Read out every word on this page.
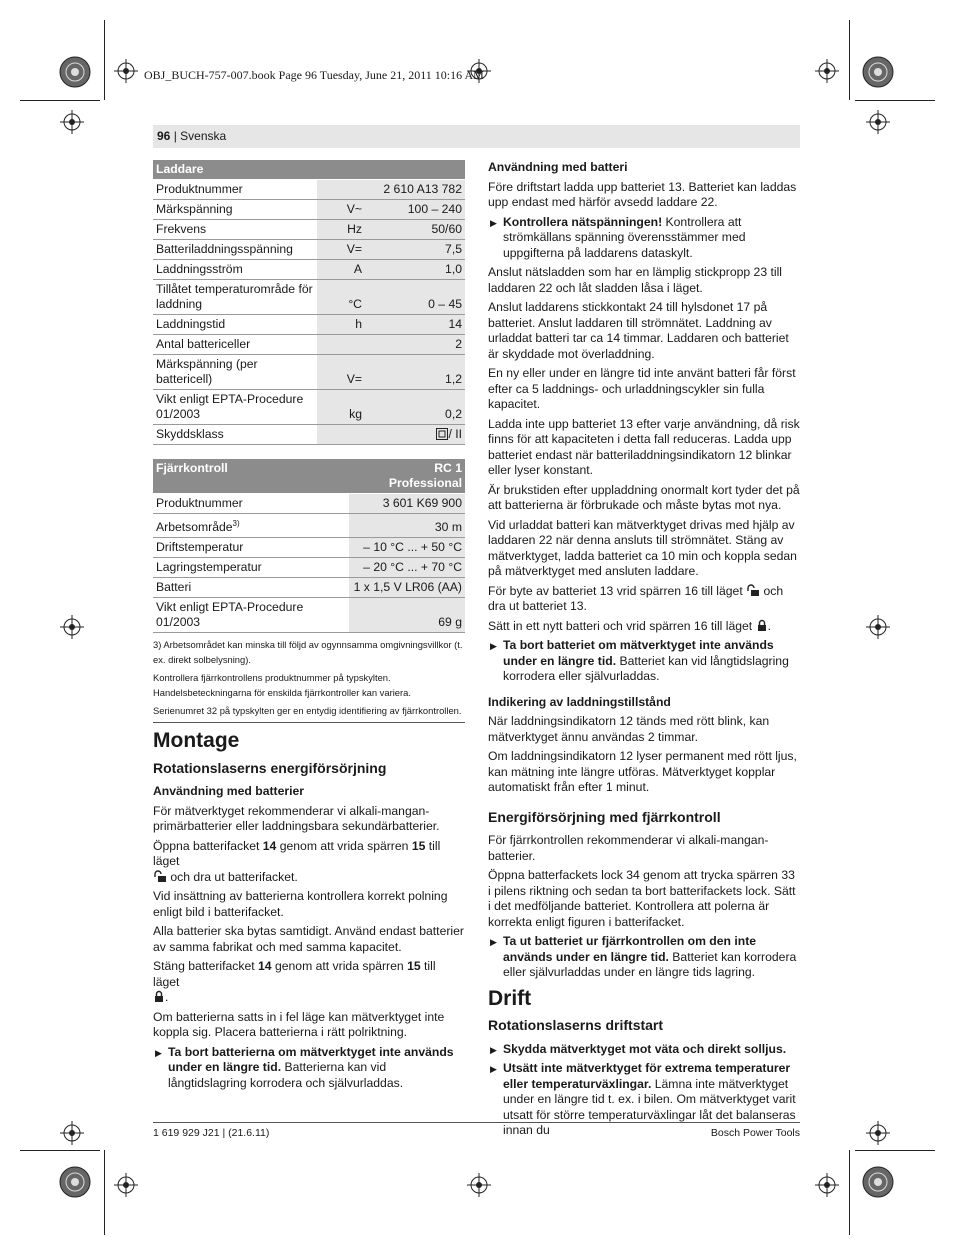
OBJ_BUCH-757-007.book Page 96 Tuesday, June 21, 2011 10:16 AM
96 | Svenska
Laddare		
Produktnummer		2 610 A13 782
Märkspänning	V~	100 – 240
Frekvens	Hz	50/60
Batteriladdningsspänning	V=	7,5
Laddningsström	A	1,0
Tillåtet temperaturområde för laddning	°C	0 – 45
Laddningstid	h	14
Antal battericeller		2
Märkspänning (per battericell)	V=	1,2
Vikt enligt EPTA-Procedure 01/2003	kg	0,2
Skyddsklass		/ II
Fjärrkontroll	RC 1
Professional

Produktnummer	3 601 K69 900
Arbetsområde$^{3)}$	30 m
Driftstemperatur	– 10 °C ... + 50 °C
Lagringstemperatur	– 20 °C ... + 70 °C
Batteri	1 x 1,5 V LR06 (AA)
Vikt enligt EPTA-Procedure 01/2003	69 g

3) Arbetsområdet kan minska till följd av ogynnsamma omgivningsvillkor (t. ex. direkt solbelysning).

Kontrollera fjärrkontrollens produktnummer på typskylten. Handelsbeteckningarna för enskilda fjärrkontroller kan variera.

Serienumret 32 på typskylten ger en entydig identifiering av fjärrkontrollen.

Montage
Rotationslaserns energiförsörjning
Användning med batterier

För mätverktyget rekommenderar vi alkali-mangan-primärbatterier eller laddningsbara sekundärbatterier.

Öppna batterifacket 14 genom att vrida spärren 15 till läget
och dra ut batterifacket.

Vid insättning av batterierna kontrollera korrekt polning enligt bild i batterifacket.

Alla batterier ska bytas samtidigt. Använd endast batterier av samma fabrikat och med samma kapacitet.

Stäng batterifacket 14 genom att vrida spärren 15 till läget
.

Om batterierna satts in i fel läge kan mätverktyget inte koppla sig. Placera batterierna i rätt polriktning.

▶ Ta bort batterierna om mätverktyget inte används under en längre tid. Batterierna kan vid långtidslagring korrodera och självurladdas.
Användning med batteri

Före driftstart ladda upp batteriet 13. Batteriet kan laddas upp endast med härför avsedd laddare 22.

▶ Kontrollera nätspänningen! Kontrollera att strömkällans spänning överensstämmer med uppgifterna på laddarens dataskylt.

Anslut nätsladden som har en lämplig stickpropp 23 till laddaren 22 och låt sladden låsa i läget.

Anslut laddarens stickkontakt 24 till hylsdonet 17 på batteriet. Anslut laddaren till strömnätet. Laddning av urladdat batteri tar ca 14 timmar. Laddaren och batteriet är skyddade mot överladdning.

En ny eller under en längre tid inte använt batteri får först efter ca 5 laddnings- och urladdningscykler sin fulla kapacitet.

Ladda inte upp batteriet 13 efter varje användning, då risk finns för att kapaciteten i detta fall reduceras. Ladda upp batteriet endast när batteriladdningsindikatorn 12 blinkar eller lyser konstant.

Är brukstiden efter uppladdning onormalt kort tyder det på att batterierna är förbrukade och måste bytas mot nya.

Vid urladdat batteri kan mätverktyget drivas med hjälp av laddaren 22 när denna ansluts till strömnätet. Stäng av mätverktyget, ladda batteriet ca 10 min och koppla sedan på mätverktyget med ansluten laddare.

För byte av batteriet 13 vrid spärren 16 till läget  och dra ut batteriet 13.

Sätt in ett nytt batteri och vrid spärren 16 till läget .

▶ Ta bort batteriet om mätverktyget inte används under en längre tid. Batteriet kan vid långtidslagring korrodera eller självurladdas.
Indikering av laddningstillstånd

När laddningsindikatorn 12 tänds med rött blink, kan mätverktyget ännu användas 2 timmar.

Om laddningsindikatorn 12 lyser permanent med rött ljus, kan mätning inte längre utföras. Mätverktyget kopplar automatiskt från efter 1 minut.

Energiförsörjning med fjärrkontroll

För fjärrkontrollen rekommenderar vi alkali-mangan-batterier.

Öppna batterfackets lock 34 genom att trycka spärren 33 i pilens riktning och sedan ta bort batterifackets lock. Sätt i det medföljande batteriet. Kontrollera att polerna är korrekta enligt figuren i batterifacket.

▶ Ta ut batteriet ur fjärrkontrollen om den inte används under en längre tid. Batteriet kan korrodera eller självurladdas under en längre tids lagring.
Drift
Rotationslaserns driftstart
▶ Skydda mätverktyget mot väta och direkt solljus.
▶ Utsätt inte mätverktyget för extrema temperaturer eller temperaturväxlingar. Lämna inte mätverktyget under en längre tid t. ex. i bilen. Om mätverktyget varit utsatt för större temperaturväxlingar låt det balanseras innan du
1 619 929 J21 | (21.6.11)	Bosch Power Tools
